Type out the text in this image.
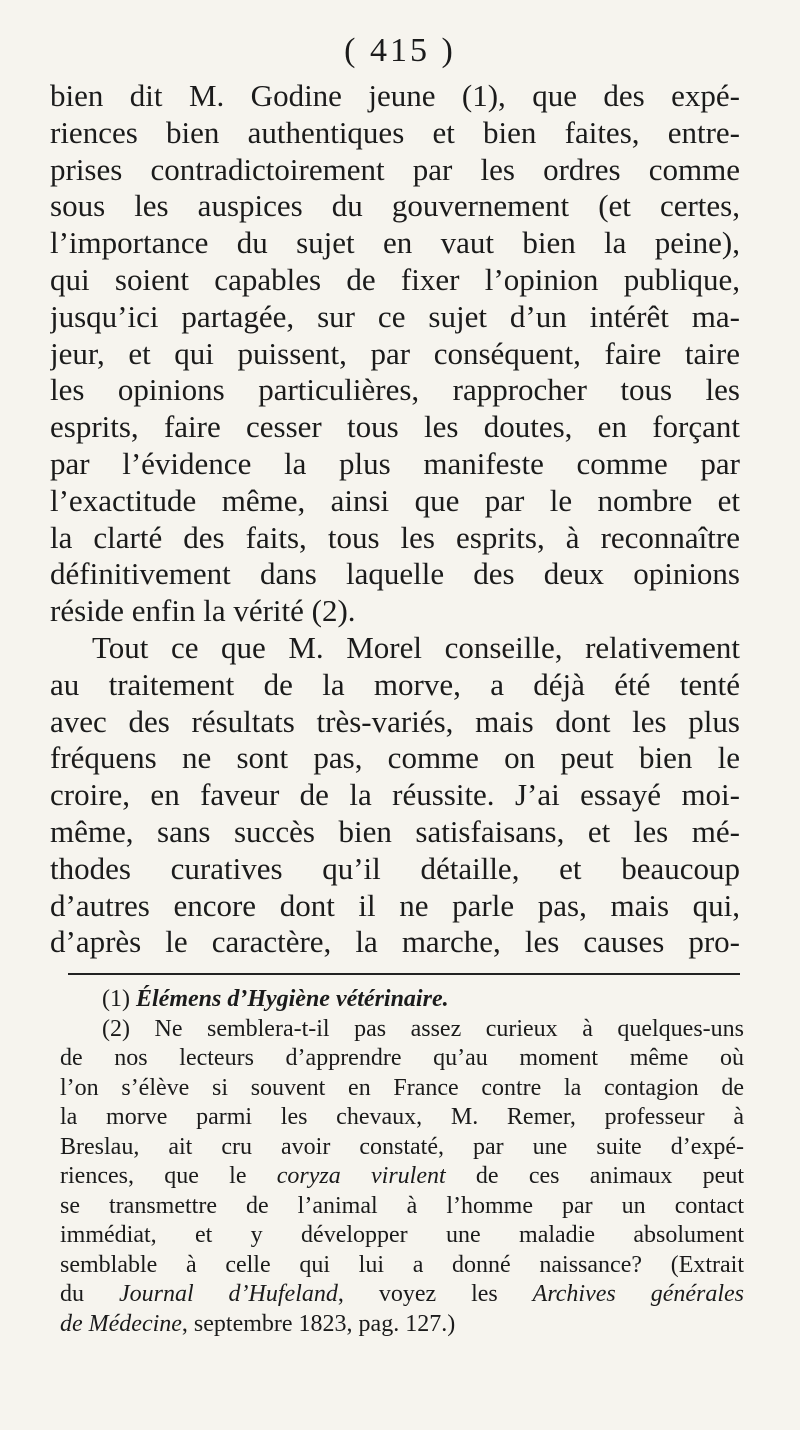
( 415 )
bien dit M. Godine jeune (1), que des expé-
riences bien authentiques et bien faites, entre-
prises contradictoirement par les ordres comme
sous les auspices du gouvernement (et certes,
l’importance du sujet en vaut bien la peine),
qui soient capables de fixer l’opinion publique,
jusqu’ici partagée, sur ce sujet d’un intérêt ma-
jeur, et qui puissent, par conséquent, faire taire
les opinions particulières, rapprocher tous les
esprits, faire cesser tous les doutes, en forçant
par l’évidence la plus manifeste comme par
l’exactitude même, ainsi que par le nombre et
la clarté des faits, tous les esprits, à reconnaître
définitivement dans laquelle des deux opinions
réside enfin la vérité (2).
Tout ce que M. Morel conseille, relativement
au traitement de la morve, a déjà été tenté
avec des résultats très-variés, mais dont les plus
fréquens ne sont pas, comme on peut bien le
croire, en faveur de la réussite. J’ai essayé moi-
même, sans succès bien satisfaisans, et les mé-
thodes curatives qu’il détaille, et beaucoup
d’autres encore dont il ne parle pas, mais qui,
d’après le caractère, la marche, les causes pro-
(1) Élémens d’Hygiène vétérinaire.
(2) Ne semblera-t-il pas assez curieux à quelques-uns
de nos lecteurs d’apprendre qu’au moment même où
l’on s’élève si souvent en France contre la contagion de
la morve parmi les chevaux, M. Remer, professeur à
Breslau, ait cru avoir constaté, par une suite d’expé-
riences, que le coryza virulent de ces animaux peut
se transmettre de l’animal à l’homme par un contact
immédiat, et y développer une maladie absolument
semblable à celle qui lui a donné naissance? (Extrait
du Journal d’Hufeland, voyez les Archives générales
de Médecine, septembre 1823, pag. 127.)
